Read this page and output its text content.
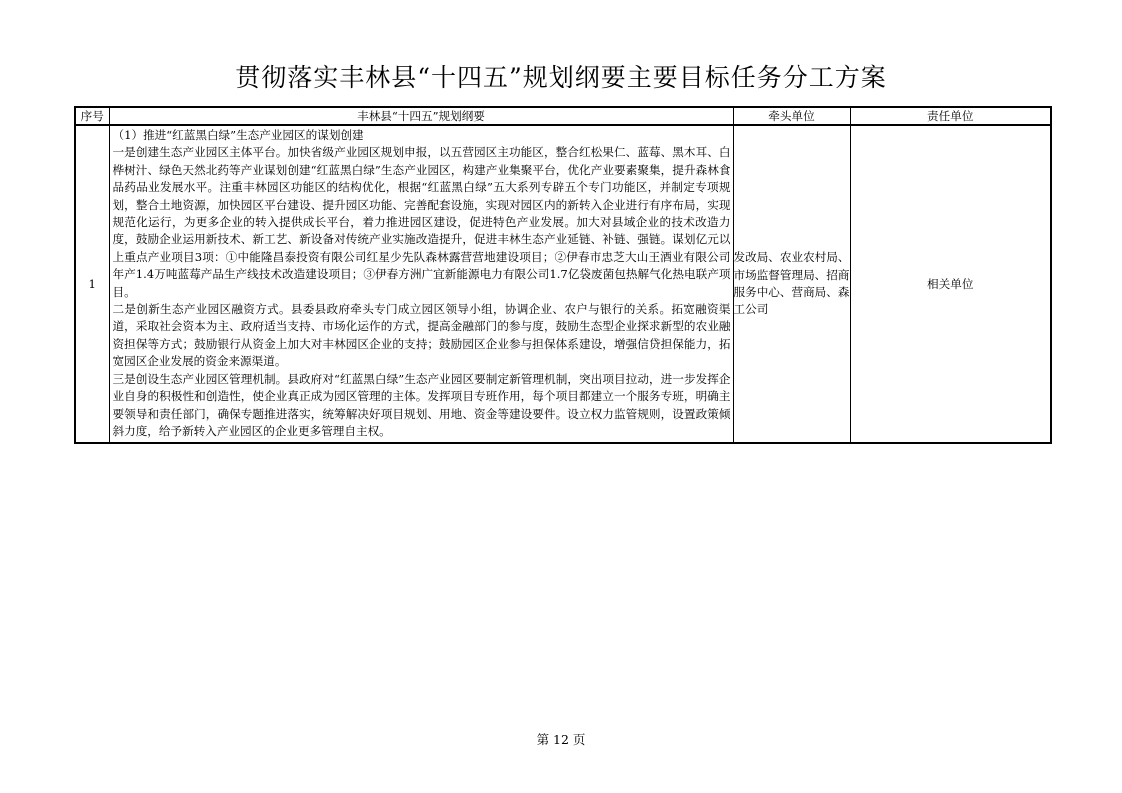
贯彻落实丰林县“十四五”规划纲要主要目标任务分工方案
序号	丰林县“十四五”规划纲要	牵头单位	责任单位
1	（1）推进“红蓝黑白绿”生态产业园区的谋划创建

一是创建生态产业园区主体平台。加快省级产业园区规划申报，以五营园区主功能区，整合红松果仁、蓝莓、黑木耳、白桦树汁、绿色天然北药等产业谋划创建“红蓝黑白绿”生态产业园区，构建产业集聚平台，优化产业要素聚集，提升森林食品药品业发展水平。注重丰林园区功能区的结构优化，根据“红蓝黑白绿”五大系列专辟五个专门功能区，并制定专项规划，整合土地资源，加快园区平台建设、提升园区功能、完善配套设施，实现对园区内的新转入企业进行有序布局，实现规范化运行，为更多企业的转入提供成长平台，着力推进园区建设，促进特色产业发展。加大对县域企业的技术改造力度，鼓励企业运用新技术、新工艺、新设备对传统产业实施改造提升，促进丰林生态产业延链、补链、强链。谋划亿元以上重点产业项目3项：①中能隆昌泰投资有限公司红星少先队森林露营营地建设项目；②伊春市忠芝大山王酒业有限公司年产1.4万吨蓝莓产品生产线技术改造建设项目；③伊春方洲广宜新能源电力有限公司1.7亿袋废菌包热解气化热电联产项目。

二是创新生态产业园区融资方式。县委县政府牵头专门成立园区领导小组，协调企业、农户与银行的关系。拓宽融资渠道，采取社会资本为主、政府适当支持、市场化运作的方式，提高金融部门的参与度，鼓励生态型企业探求新型的农业融资担保等方式；鼓励银行从资金上加大对丰林园区企业的支持；鼓励园区企业参与担保体系建设，增强信贷担保能力，拓宽园区企业发展的资金来源渠道。

三是创设生态产业园区管理机制。县政府对“红蓝黑白绿”生态产业园区要制定新管理机制，突出项目拉动，进一步发挥企业自身的积极性和创造性，使企业真正成为园区管理的主体。发挥项目专班作用，每个项目都建立一个服务专班，明确主要领导和责任部门，确保专题推进落实，统筹解决好项目规划、用地、资金等建设要件。设立权力监管规则，设置政策倾斜力度，给予新转入产业园区的企业更多管理自主权。	发改局、农业农村局、市场监督管理局、招商服务中心、营商局、森工公司	相关单位
第 12 页
